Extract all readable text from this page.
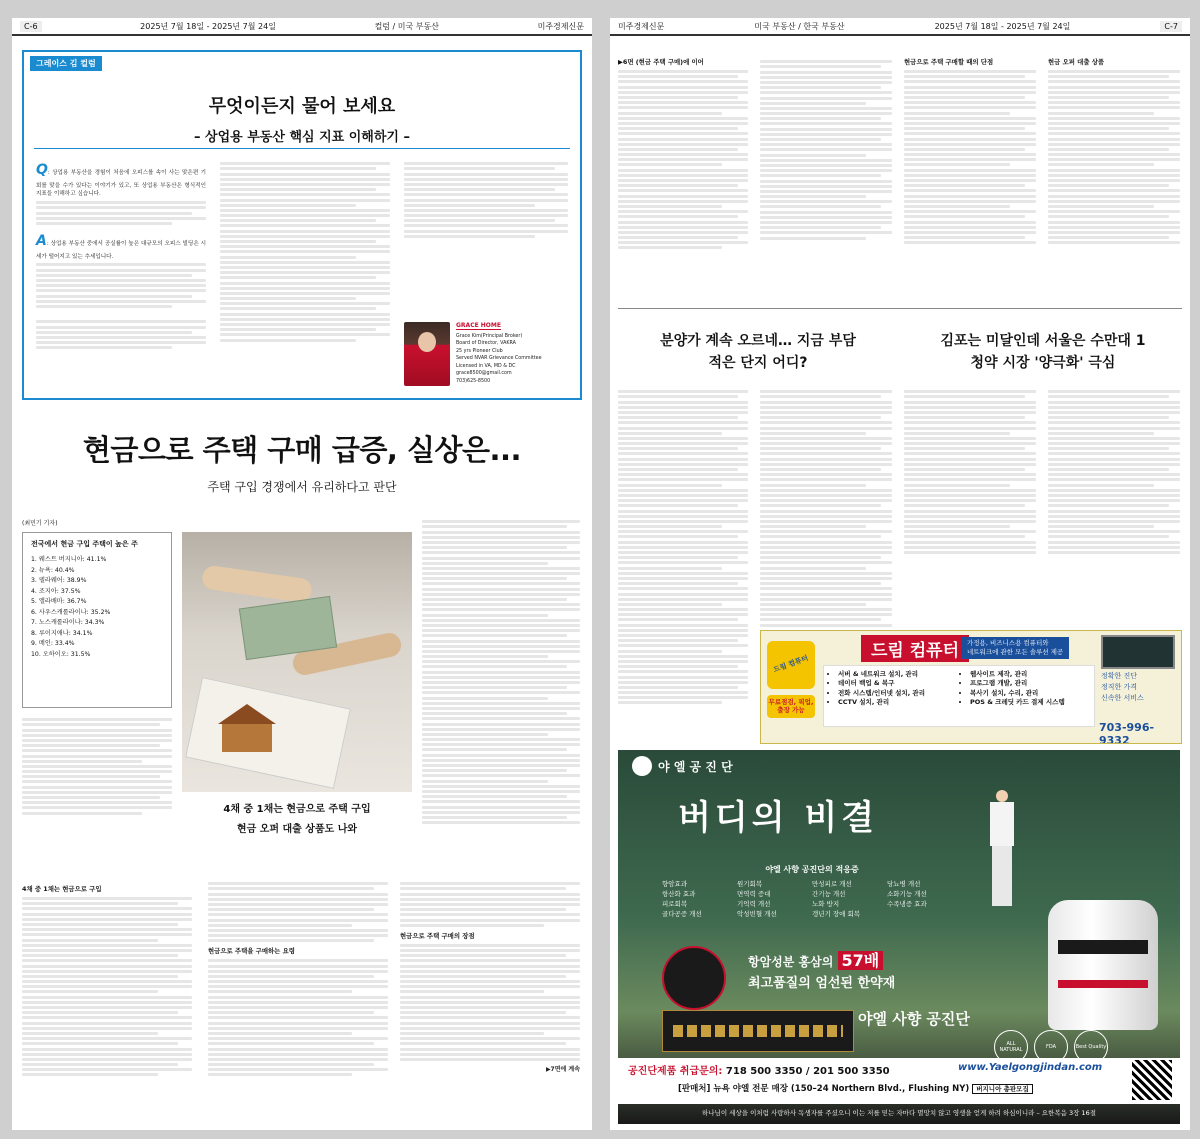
C-6	2025년 7월 18일 - 2025년 7월 24일	컬럼 / 미국 부동산	미주경제신문
그레이스 김 컬럼
무엇이든지 물어 보세요
– 상업용 부동산 핵심 지표 이해하기 –

Q: 상업용 부동산을 경험이 처음에 오피스를 속이 사는 맞은편 기회를 맞을 수가 있다는 이야기가 있고, 또 상업용 부동산은 형식적인 지표들 이해하고 싶습니다.

A: 상업용 부동산 중에서 공실률이 높은 대규모의 오피스 빌딩은 시세가 떨어지고 있는 추세입니다.

GRACE HOME
Grace Kim(Principal Broker)
Board of Director, VAKRA
25 yrs Pioneer Club
Served NVAR Grievance Committee
Licensed in VA, MD & DC
grace8500@gmail.com
703)625-8500
현금으로 주택 구매 급증, 실상은...
주택 구입 경쟁에서 유리하다고 판단
(최민기 기자)
전국에서 현금 구입 주택이 높은 주
1. 웨스트 버지니아: 41.1%
2. 뉴욕: 40.4%
3. 델라웨어: 38.9%
4. 조지아: 37.5%
5. 앨라배마: 36.7%
6. 사우스캐롤라이나: 35.2%
7. 노스캐롤라이나: 34.3%
8. 루이지애나: 34.1%
9. 메인: 33.4%
10. 오하이오: 31.5%
4채 중 1채는 현금으로 주택 구입
현금 오퍼 대출 상품도 나와
4채 중 1채는 현금으로 구입
현금으로 주택을 구매하는 요령
현금으로 주택 구매의 장점
▶7면에 계속
미주경제신문	미국 부동산 / 한국 부동산	2025년 7월 18일 - 2025년 7월 24일	C-7
▶6면 (현금 주택 구매)에 이어	현금으로 주택 구매할 때의 단점	현금 오퍼 대출 상품
분양가 계속 오르네… 지금 부담
적은 단지 어디?
김포는 미달인데 서울은 수만대 1
청약 시장 '양극화' 극심
드림 컴퓨터
무료점검, 픽업, 출장 가능
드림 컴퓨터	가정용, 비즈니스용 컴퓨터와
네트워크에 관한 모든 솔루션 제공
• 서버 & 네트워크 설치, 관리
• 데이터 백업 & 복구
• 전화 시스템/인터넷 설치, 관리
• CCTV 설치, 관리
• 웹사이트 제작, 관리
• 프로그램 개발, 관리
• 복사기 설치, 수리, 관리
• POS & 크레딧 카드 결제 시스템
정확한 진단
정직한 가격
신속한 서비스
703-996-9332
야 엘 공 진 단
버디의 비결
야엘 사향 공진단의 적응증
향암효과	원기회복	만성피로 개선	당뇨병 개선
항산화 효과	면역력 증대	간기능 개선	소화기능 개선
피로회복	기억력 개선	노화 방지	수족냉증 효과
골다공증 개선	악성빈혈 개선	갱년기 장애 회복
항암성분 홍삼의 57배
최고품질의 엄선된 한약재
야엘 사향 공진단
ALL NATURAL	FDA	Best Quality
공진단제품 취급문의: 718 500 3350 / 201 500 3350	www.Yaelgongjindan.com
[판매처] 뉴욕 야엘 전문 매장 (150–24 Northern Blvd., Flushing NY) 버지니아 총판모집
하나님이 세상을 이처럼 사랑하사 독생자를 주셨으니 이는 저를 믿는 자마다 멸망치 않고 영생을 얻게 하려 하심이니라 – 요한복음 3장 16절
